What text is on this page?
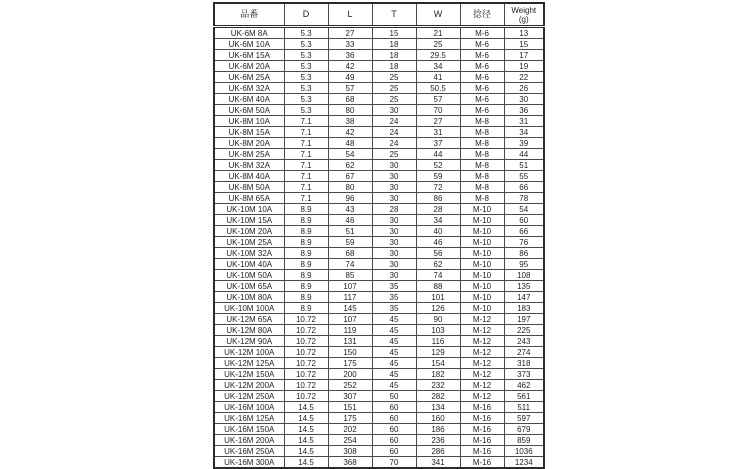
品番	D	L	T	W	捻径	Weight
(g)

UK-6M 8A	5.3	27	15	21	M-6	13
UK-6M 10A	5.3	33	18	25	M-6	15
UK-6M 15A	5.3	36	18	29.5	M-6	17
UK-6M 20A	5.3	42	18	34	M-6	19
UK-6M 25A	5.3	49	25	41	M-6	22
UK-6M 32A	5.3	57	25	50.5	M-6	26
UK-6M 40A	5.3	68	25	57	M-6	30
UK-6M 50A	5.3	80	30	70	M-6	36
UK-8M 10A	7.1	38	24	27	M-8	31
UK-8M 15A	7.1	42	24	31	M-8	34
UK-8M 20A	7.1	48	24	37	M-8	39
UK-8M 25A	7.1	54	25	44	M-8	44
UK-8M 32A	7.1	62	30	52	M-8	51
UK-8M 40A	7.1	67	30	59	M-8	55
UK-8M 50A	7.1	80	30	72	M-8	66
UK-8M 65A	7.1	96	30	86	M-8	78
UK-10M 10A	8.9	43	28	28	M-10	54
UK-10M 15A	8.9	46	30	34	M-10	60
UK-10M 20A	8.9	51	30	40	M-10	66
UK-10M 25A	8.9	59	30	46	M-10	76
UK-10M 32A	8.9	68	30	56	M-10	86
UK-10M 40A	8.9	74	30	62	M-10	95
UK-10M 50A	8.9	85	30	74	M-10	108
UK-10M 65A	8.9	107	35	88	M-10	135
UK-10M 80A	8.9	117	35	101	M-10	147
UK-10M 100A	8.9	145	35	126	M-10	183
UK-12M 65A	10.72	107	45	90	M-12	197
UK-12M 80A	10.72	119	45	103	M-12	225
UK-12M 90A	10.72	131	45	116	M-12	243
UK-12M 100A	10.72	150	45	129	M-12	274
UK-12M 125A	10.72	175	45	154	M-12	318
UK-12M 150A	10.72	200	45	182	M-12	373
UK-12M 200A	10.72	252	45	232	M-12	462
UK-12M 250A	10.72	307	50	282	M-12	561
UK-16M 100A	14.5	151	60	134	M-16	511
UK-16M 125A	14.5	175	60	160	M-16	597
UK-16M 150A	14.5	202	60	186	M-16	679
UK-16M 200A	14.5	254	60	236	M-16	859
UK-16M 250A	14.5	308	60	286	M-16	1036
UK-16M 300A	14.5	368	70	341	M-16	1234
